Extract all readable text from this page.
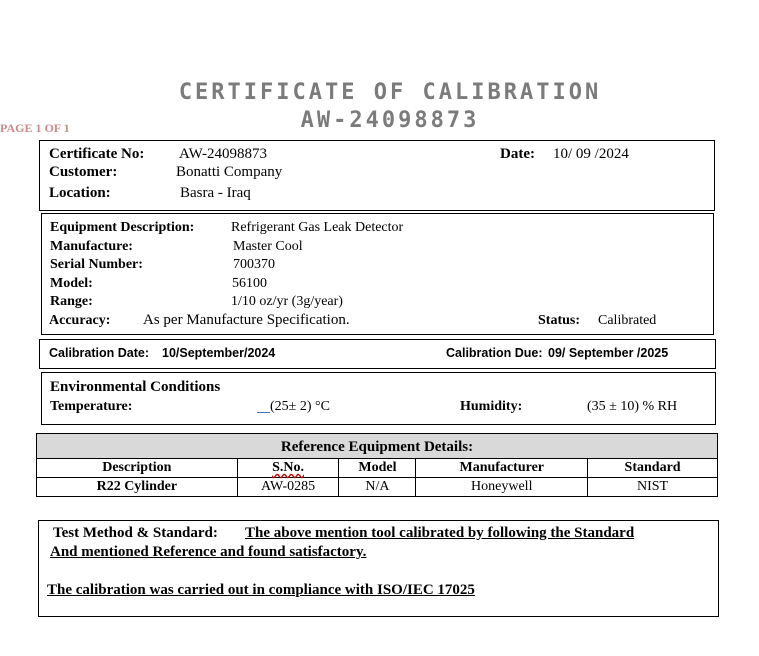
CERTIFICATE OF CALIBRATION
AW-24098873
PAGE 1 OF 1
Certificate No: AW-24098873	Date: 10/ 09 /2024
Customer:	Bonatti Company
Location:	Basra - Iraq
Equipment Description:	Refrigerant Gas Leak Detector
Manufacture:	Master Cool
Serial Number:	700370
Model:	56100
Range:	1/10 oz/yr (3g/year)
Accuracy: As per Manufacture Specification.	Status: Calibrated
Calibration Date: 10/September/2024	Calibration Due: 09/ September /2025
Environmental Conditions
Temperature:	(25± 2) °C	Humidity:	(35 ± 10) % RH
Reference Equipment Details:
Description	S.No.	Model	Manufacturer	Standard
R22 Cylinder	AW-0285	N/A	Honeywell	NIST
Test Method & Standard: The above mention tool calibrated by following the Standard
And mentioned Reference and found satisfactory.
The calibration was carried out in compliance with ISO/IEC 17025
